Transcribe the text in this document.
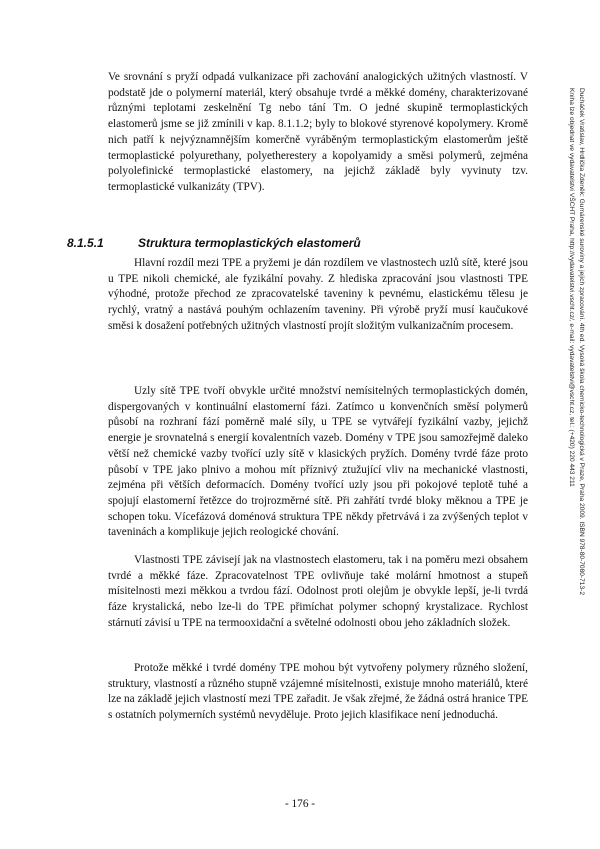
Ve srovnání s pryží odpadá vulkanizace při zachování analogických užitných vlastností. V podstatě jde o polymerní materiál, který obsahuje tvrdé a měkké domény, charakterizované různými teplotami zeskelnění Tg nebo tání Tm. O jedné skupině termoplastických elastomerů jsme se již zmínili v kap. 8.1.1.2; byly to blokové styrenové kopolymery. Kromě nich patří k nejvýznamnějším komerčně vyráběným termoplastickým elastomerům ještě termoplastické polyurethany, polyetherestery a kopolyamidy a směsi polymerů, zejména polyolefinické termoplastické elastomery, na jejichž základě byly vyvinuty tzv. termoplastické vulkanizáty (TPV).

8.1.5.1	Struktura termoplastických elastomerů

Hlavní rozdíl mezi TPE a pryžemi je dán rozdílem ve vlastnostech uzlů sítě, které jsou u TPE nikoli chemické, ale fyzikální povahy. Z hlediska zpracování jsou vlastnosti TPE výhodné, protože přechod ze zpracovatelské taveniny k pevnému, elastickému tělesu je rychlý, vratný a nastává pouhým ochlazením taveniny. Při výrobě pryží musí kaučukové směsi k dosažení potřebných užitných vlastností projít složitým vulkanizačním procesem.

Uzly sítě TPE tvoří obvykle určité množství nemísitelných termoplastických domén, dispergovaných v kontinuální elastomerní fázi. Zatímco u konvenčních směsí polymerů působí na rozhraní fází poměrně malé síly, u TPE se vytvářejí fyzikální vazby, jejichž energie je srovnatelná s energií kovalentních vazeb. Domény v TPE jsou samozřejmě daleko větší než chemické vazby tvořící uzly sítě v klasických pryžích. Domény tvrdé fáze proto působí v TPE jako plnivo a mohou mít příznivý ztužující vliv na mechanické vlastnosti, zejména při větších deformacích. Domény tvořící uzly jsou při pokojové teplotě tuhé a spojují elastomerní řetězce do trojrozměrné sítě. Při zahřátí tvrdé bloky měknou a TPE je schopen toku. Vícefázová doménová struktura TPE někdy přetrvává i za zvýšených teplot v taveninách a komplikuje jejich reologické chování.

Vlastnosti TPE závisejí jak na vlastnostech elastomeru, tak i na poměru mezi obsahem tvrdé a měkké fáze. Zpracovatelnost TPE ovlivňuje také molární hmotnost a stupeň mísitelnosti mezi měkkou a tvrdou fází. Odolnost proti olejům je obvykle lepší, je-li tvrdá fáze krystalická, nebo lze-li do TPE přimíchat polymer schopný krystalizace. Rychlost stárnutí závisí u TPE na termooxidační a světelné odolnosti obou jeho základních složek.

Protože měkké i tvrdé domény TPE mohou být vytvořeny polymery různého složení, struktury, vlastností a různého stupně vzájemné mísitelnosti, existuje mnoho materiálů, které lze na základě jejich vlastností mezi TPE zařadit. Je však zřejmé, že žádná ostrá hranice TPE s ostatních polymerních systémů nevydělujе. Proto jejich klasifikace není jednoduchá.

- 176 -
Ducháček Vratislav, Hrdlička Zdeněk: Gumárenské suroviny a jejich zpracování. 4th ed. Vysoká škola chemicko-technologická v Praze, Praha 2009. ISBN 978-80-7080-713-2
Kniha lze objednat ve vydavatelství VŠCHT Praha, http://vydavatelstvi.vscht.cz/, e-mail: vydavatelstvi@vscht.cz, tel.: (+420) 220 443 211
